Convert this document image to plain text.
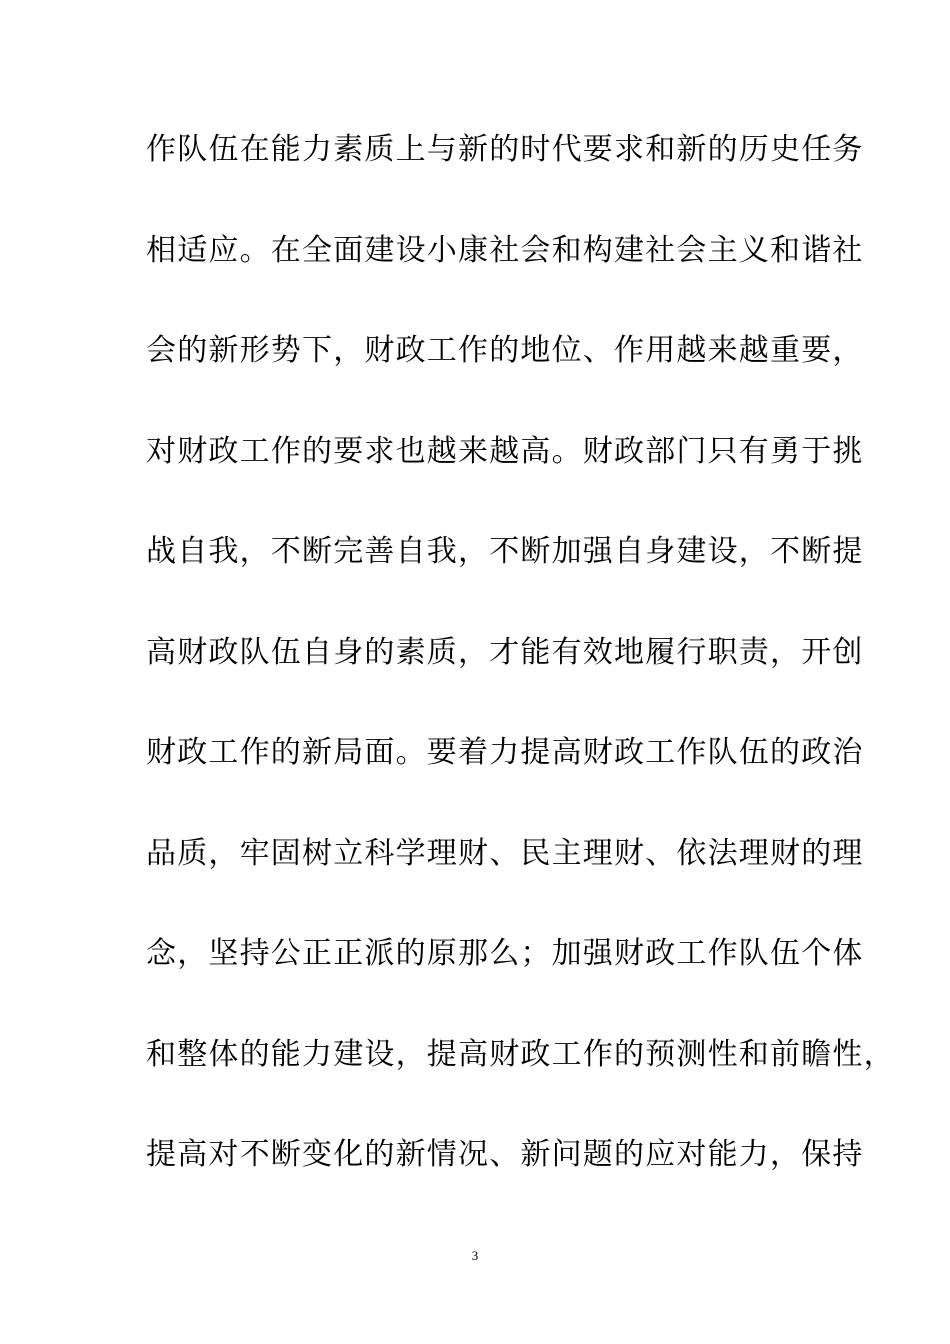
作队伍在能力素质上与新的时代要求和新的历史任务
相适应。在全面建设小康社会和构建社会主义和谐社
会的新形势下，财政工作的地位、作用越来越重要，
对财政工作的要求也越来越高。财政部门只有勇于挑
战自我，不断完善自我，不断加强自身建设，不断提
高财政队伍自身的素质，才能有效地履行职责，开创
财政工作的新局面。要着力提高财政工作队伍的政治
品质，牢固树立科学理财、民主理财、依法理财的理
念，坚持公正正派的原那么；加强财政工作队伍个体
和整体的能力建设，提高财政工作的预测性和前瞻性，
提高对不断变化的新情况、新问题的应对能力，保持
3
